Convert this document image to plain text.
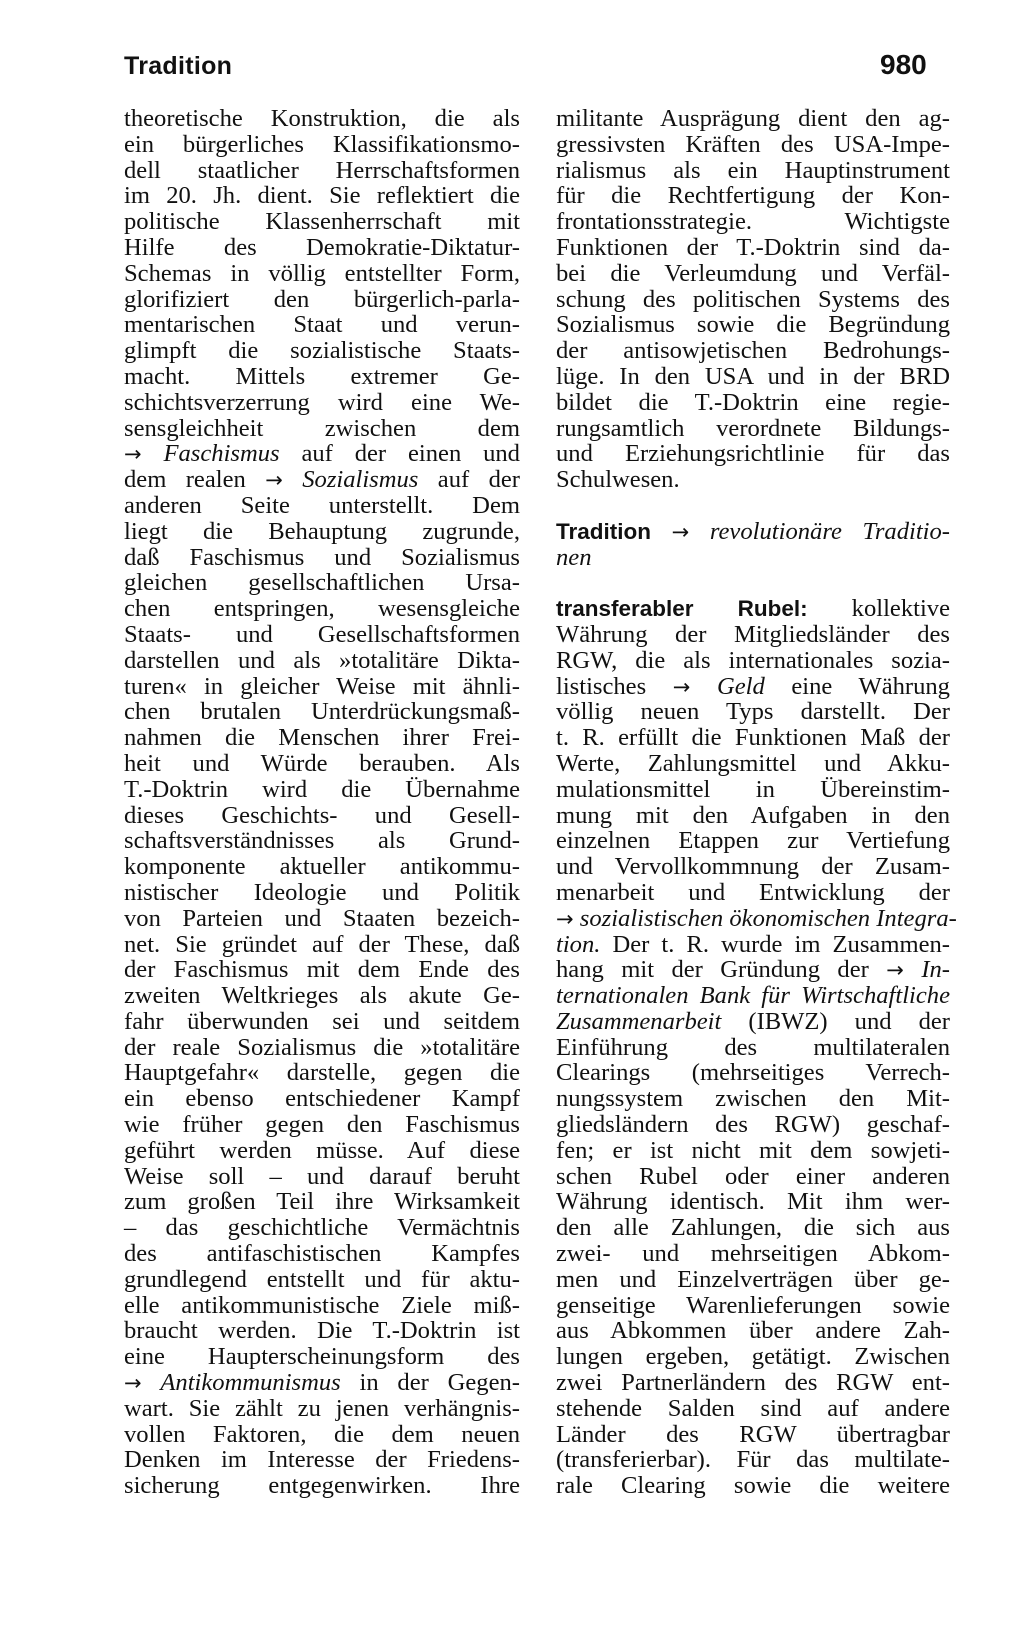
Tradition	980
theoretische Konstruktion, die als
ein bürgerliches Klassifikationsmo-
dell staatlicher Herrschaftsformen
im 20. Jh. dient. Sie reflektiert die
politische Klassenherrschaft mit
Hilfe des Demokratie-Diktatur-
Schemas in völlig entstellter Form,
glorifiziert den bürgerlich-parla-
mentarischen Staat und verun-
glimpft die sozialistische Staats-
macht. Mittels extremer Ge-
schichtsverzerrung wird eine We-
sensgleichheit zwischen dem
→ Faschismus auf der einen und
dem realen → Sozialismus auf der
anderen Seite unterstellt. Dem
liegt die Behauptung zugrunde,
daß Faschismus und Sozialismus
gleichen gesellschaftlichen Ursa-
chen entspringen, wesensgleiche
Staats- und Gesellschaftsformen
darstellen und als »totalitäre Dikta-
turen« in gleicher Weise mit ähnli-
chen brutalen Unterdrückungsmaß-
nahmen die Menschen ihrer Frei-
heit und Würde berauben. Als
T.-Doktrin wird die Übernahme
dieses Geschichts- und Gesell-
schaftsverständnisses als Grund-
komponente aktueller antikommu-
nistischer Ideologie und Politik
von Parteien und Staaten bezeich-
net. Sie gründet auf der These, daß
der Faschismus mit dem Ende des
zweiten Weltkrieges als akute Ge-
fahr überwunden sei und seitdem
der reale Sozialismus die »totalitäre
Hauptgefahr« darstelle, gegen die
ein ebenso entschiedener Kampf
wie früher gegen den Faschismus
geführt werden müsse. Auf diese
Weise soll – und darauf beruht
zum großen Teil ihre Wirksamkeit
– das geschichtliche Vermächtnis
des antifaschistischen Kampfes
grundlegend entstellt und für aktu-
elle antikommunistische Ziele miß-
braucht werden. Die T.-Doktrin ist
eine Haupterscheinungsform des
→ Antikommunismus in der Gegen-
wart. Sie zählt zu jenen verhängnis-
vollen Faktoren, die dem neuen
Denken im Interesse der Friedens-
sicherung entgegenwirken. Ihre
militante Ausprägung dient den ag-
gressivsten Kräften des USA-Impe-
rialismus als ein Hauptinstrument
für die Rechtfertigung der Kon-
frontationsstrategie. Wichtigste
Funktionen der T.-Doktrin sind da-
bei die Verleumdung und Verfäl-
schung des politischen Systems des
Sozialismus sowie die Begründung
der antisowjetischen Bedrohungs-
lüge. In den USA und in der BRD
bildet die T.-Doktrin eine regie-
rungsamtlich verordnete Bildungs-
und Erziehungsrichtlinie für das
Schulwesen.
Tradition → revolutionäre Traditio-
nen
transferabler Rubel: kollektive
Währung der Mitgliedsländer des
RGW, die als internationales sozia-
listisches → Geld eine Währung
völlig neuen Typs darstellt. Der
t. R. erfüllt die Funktionen Maß der
Werte, Zahlungsmittel und Akku-
mulationsmittel in Übereinstim-
mung mit den Aufgaben in den
einzelnen Etappen zur Vertiefung
und Vervollkommnung der Zusam-
menarbeit und Entwicklung der
→ sozialistischen ökonomischen Integra-
tion. Der t. R. wurde im Zusammen-
hang mit der Gründung der → In-
ternationalen Bank für Wirtschaftliche
Zusammenarbeit (IBWZ) und der
Einführung des multilateralen
Clearings (mehrseitiges Verrech-
nungssystem zwischen den Mit-
gliedsländern des RGW) geschaf-
fen; er ist nicht mit dem sowjeti-
schen Rubel oder einer anderen
Währung identisch. Mit ihm wer-
den alle Zahlungen, die sich aus
zwei- und mehrseitigen Abkom-
men und Einzelverträgen über ge-
genseitige Warenlieferungen sowie
aus Abkommen über andere Zah-
lungen ergeben, getätigt. Zwischen
zwei Partnerländern des RGW ent-
stehende Salden sind auf andere
Länder des RGW übertragbar
(transferierbar). Für das multilate-
rale Clearing sowie die weitere
